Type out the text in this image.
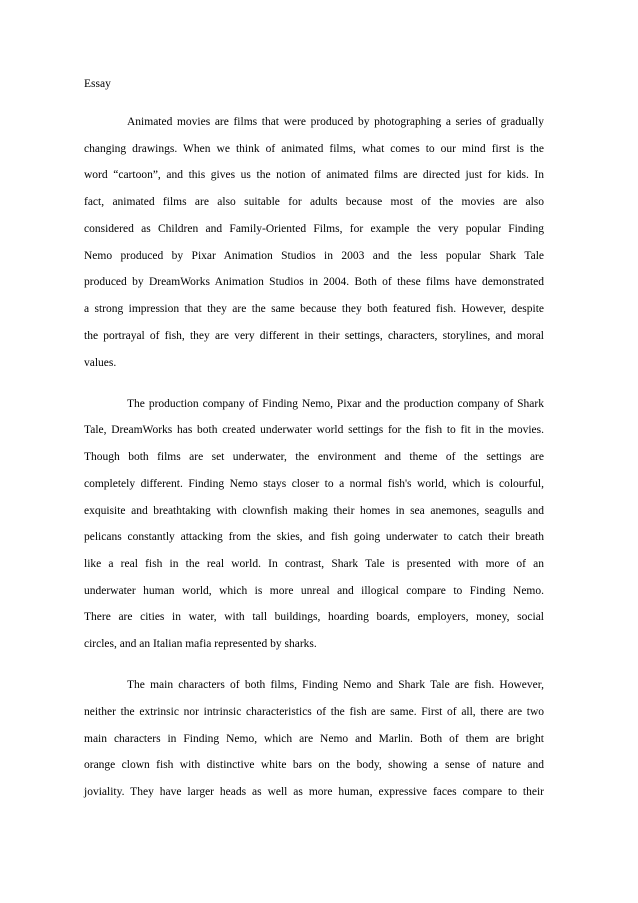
Essay
Animated movies are films that were produced by photographing a series of gradually
changing drawings. When we think of animated films, what comes to our mind first is the
word “cartoon”, and this gives us the notion of animated films are directed just for kids. In
fact, animated films are also suitable for adults because most of the movies are also
considered as Children and Family-Oriented Films, for example the very popular Finding
Nemo produced by Pixar Animation Studios in 2003 and the less popular Shark Tale
produced by DreamWorks Animation Studios in 2004. Both of these films have demonstrated
a strong impression that they are the same because they both featured fish. However, despite
the portrayal of fish, they are very different in their settings, characters, storylines, and moral
values.
The production company of Finding Nemo, Pixar and the production company of Shark
Tale, DreamWorks has both created underwater world settings for the fish to fit in the movies.
Though both films are set underwater, the environment and theme of the settings are
completely different. Finding Nemo stays closer to a normal fish's world, which is colourful,
exquisite and breathtaking with clownfish making their homes in sea anemones, seagulls and
pelicans constantly attacking from the skies, and fish going underwater to catch their breath
like a real fish in the real world. In contrast, Shark Tale is presented with more of an
underwater human world, which is more unreal and illogical compare to Finding Nemo.
There are cities in water, with tall buildings, hoarding boards, employers, money, social
circles, and an Italian mafia represented by sharks.
The main characters of both films, Finding Nemo and Shark Tale are fish. However,
neither the extrinsic nor intrinsic characteristics of the fish are same. First of all, there are two
main characters in Finding Nemo, which are Nemo and Marlin. Both of them are bright
orange clown fish with distinctive white bars on the body, showing a sense of nature and
joviality. They have larger heads as well as more human, expressive faces compare to their
